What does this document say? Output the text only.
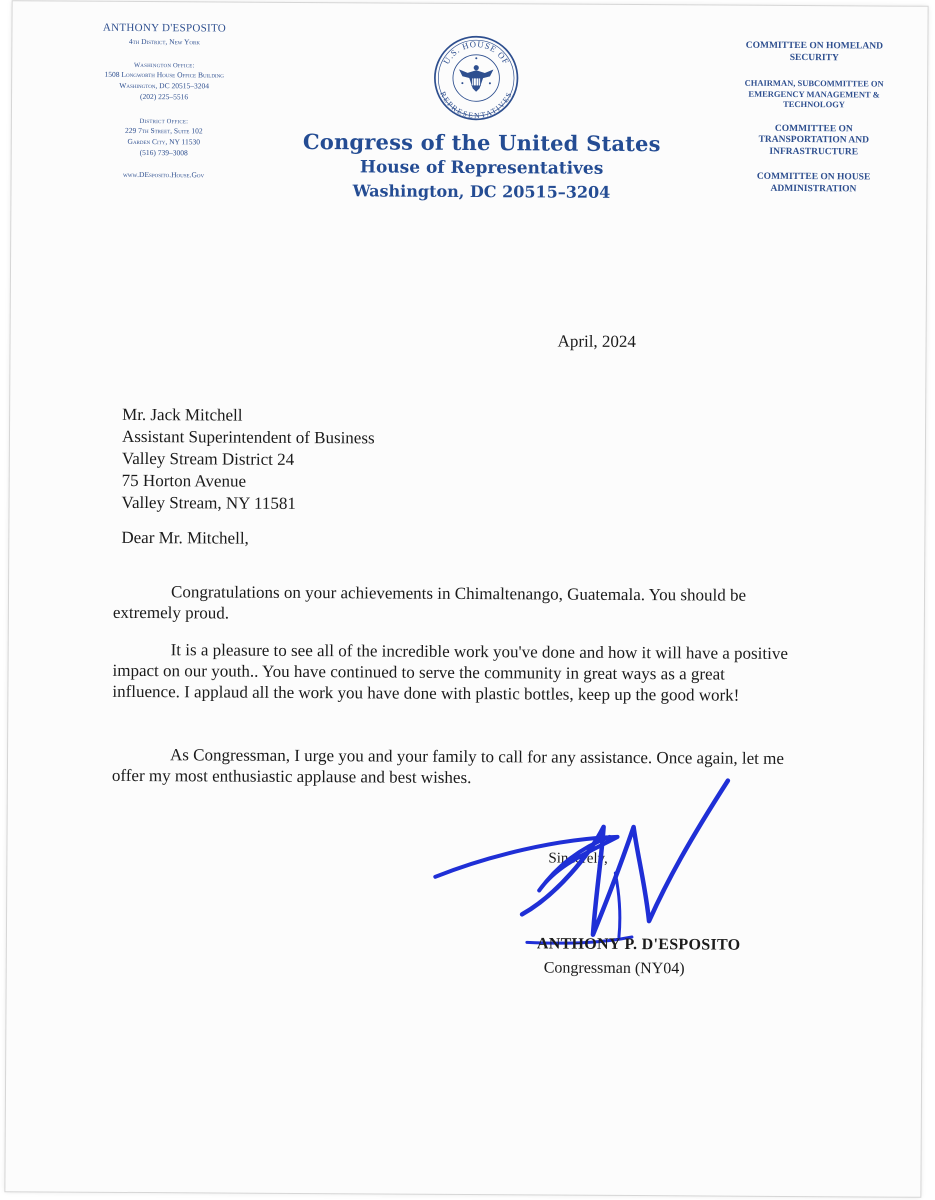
ANTHONY D'ESPOSITO
4th District, New York
Washington Office:
1508 Longworth House Office Building
Washington, DC 20515–3204
(202) 225–5516
District Office:
229 7th Street, Suite 102
Garden City, NY 11530
(516) 739–3008
www.DEsposito.House.Gov
U.S. HOUSE OF
REPRESENTATIVES
Congress of the United States
House of Representatives
Washington, DC 20515–3204
COMMITTEE ON HOMELAND SECURITY
CHAIRMAN, SUBCOMMITTEE ON EMERGENCY MANAGEMENT & TECHNOLOGY
COMMITTEE ON TRANSPORTATION AND INFRASTRUCTURE
COMMITTEE ON HOUSE ADMINISTRATION
April, 2024
Mr. Jack Mitchell
Assistant Superintendent of Business
Valley Stream District 24
75 Horton Avenue
Valley Stream, NY 11581
Dear Mr. Mitchell,
Congratulations on your achievements in Chimaltenango, Guatemala. You should be extremely proud.
It is a pleasure to see all of the incredible work you've done and how it will have a positive impact on our youth.. You have continued to serve the community in great ways as a great influence. I applaud all the work you have done with plastic bottles, keep up the good work!
As Congressman, I urge you and your family to call for any assistance. Once again, let me offer my most enthusiastic applause and best wishes.
Sincerely,
ANTHONY P. D'ESPOSITO
Congressman (NY04)
